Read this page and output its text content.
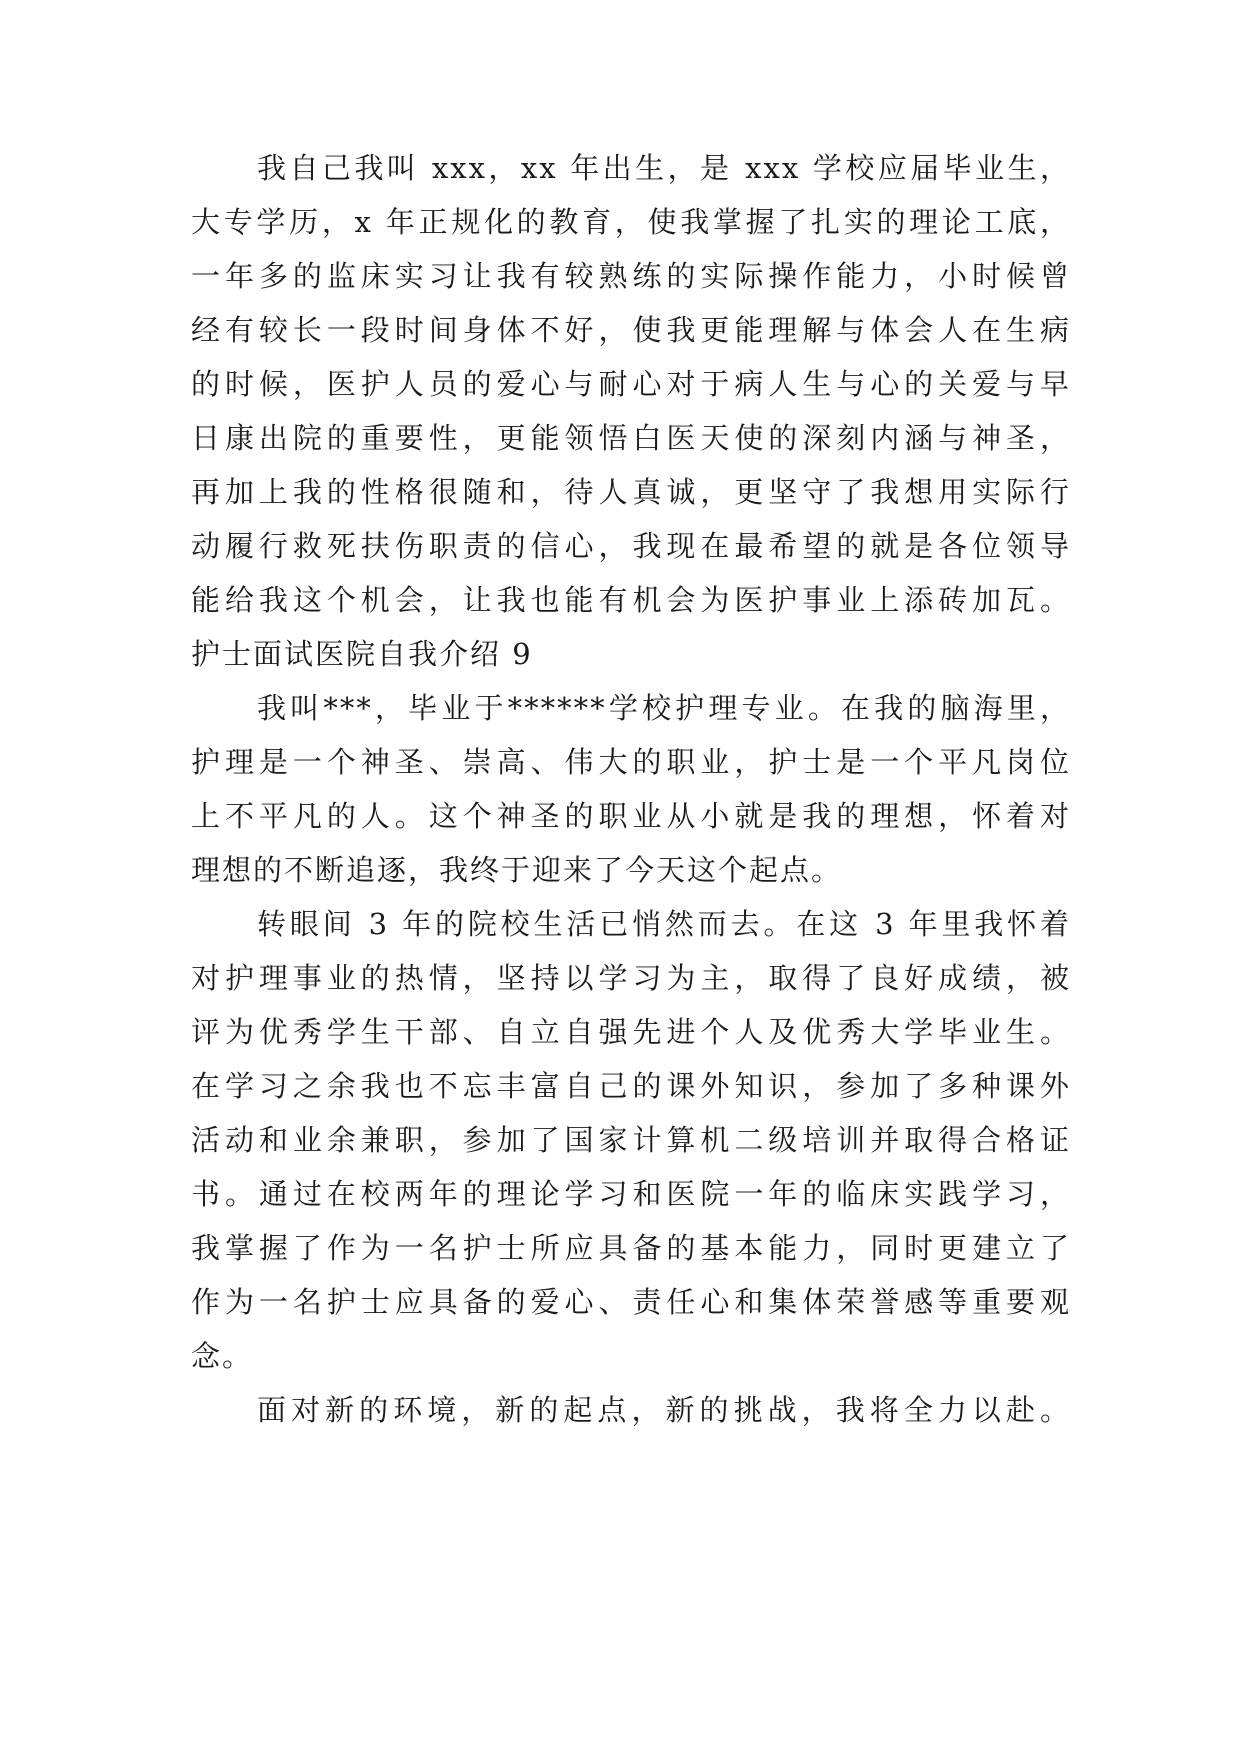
我自己我叫 xxx，xx 年出生，是 xxx 学校应届毕业生，
大专学历，x 年正规化的教育，使我掌握了扎实的理论工底，
一年多的监床实习让我有较熟练的实际操作能力，小时候曾
经有较长一段时间身体不好，使我更能理解与体会人在生病
的时候，医护人员的爱心与耐心对于病人生与心的关爱与早
日康出院的重要性，更能领悟白医天使的深刻内涵与神圣，
再加上我的性格很随和，待人真诚，更坚守了我想用实际行
动履行救死扶伤职责的信心，我现在最希望的就是各位领导
能给我这个机会，让我也能有机会为医护事业上添砖加瓦。
护士面试医院自我介绍 9
我叫***，毕业于******学校护理专业。在我的脑海里，
护理是一个神圣、崇高、伟大的职业，护士是一个平凡岗位
上不平凡的人。这个神圣的职业从小就是我的理想，怀着对
理想的不断追逐，我终于迎来了今天这个起点。
转眼间 3 年的院校生活已悄然而去。在这 3 年里我怀着
对护理事业的热情，坚持以学习为主，取得了良好成绩，被
评为优秀学生干部、自立自强先进个人及优秀大学毕业生。
在学习之余我也不忘丰富自己的课外知识，参加了多种课外
活动和业余兼职，参加了国家计算机二级培训并取得合格证
书。通过在校两年的理论学习和医院一年的临床实践学习，
我掌握了作为一名护士所应具备的基本能力，同时更建立了
作为一名护士应具备的爱心、责任心和集体荣誉感等重要观
念。
面对新的环境，新的起点，新的挑战，我将全力以赴。
